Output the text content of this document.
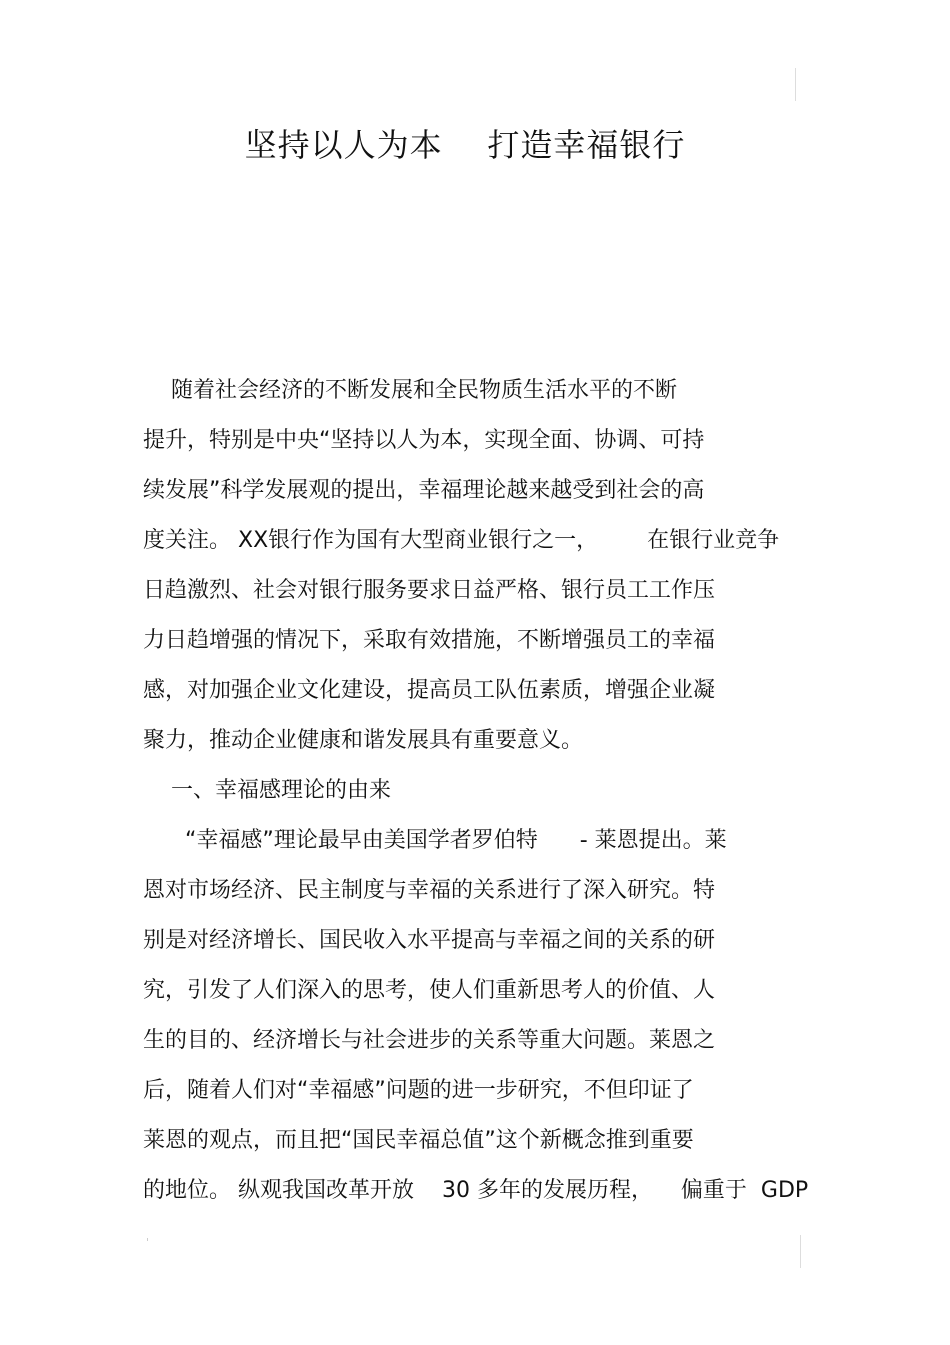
坚持以人为本    打造幸福银行
随着社会经济的不断发展和全民物质生活水平的不断
提升，特别是中央“坚持以人为本，实现全面、协调、可持
续发展”科学发展观的提出，幸福理论越来越受到社会的高
度关注。 XX银行作为国有大型商业银行之一，       在银行业竞争
日趋激烈、社会对银行服务要求日益严格、银行员工工作压
力日趋增强的情况下，采取有效措施，不断增强员工的幸福
感，对加强企业文化建设，提高员工队伍素质，增强企业凝
聚力，推动企业健康和谐发展具有重要意义。
一、幸福感理论的由来
“幸福感”理论最早由美国学者罗伯特      - 莱恩提出。莱
恩对市场经济、民主制度与幸福的关系进行了深入研究。特
别是对经济增长、国民收入水平提高与幸福之间的关系的研
究，引发了人们深入的思考，使人们重新思考人的价值、人
生的目的、经济增长与社会进步的关系等重大问题。莱恩之
后，随着人们对“幸福感”问题的进一步研究，不但印证了
莱恩的观点，而且把“国民幸福总值”这个新概念推到重要
的地位。 纵观我国改革开放    30 多年的发展历程，    偏重于  GDP
